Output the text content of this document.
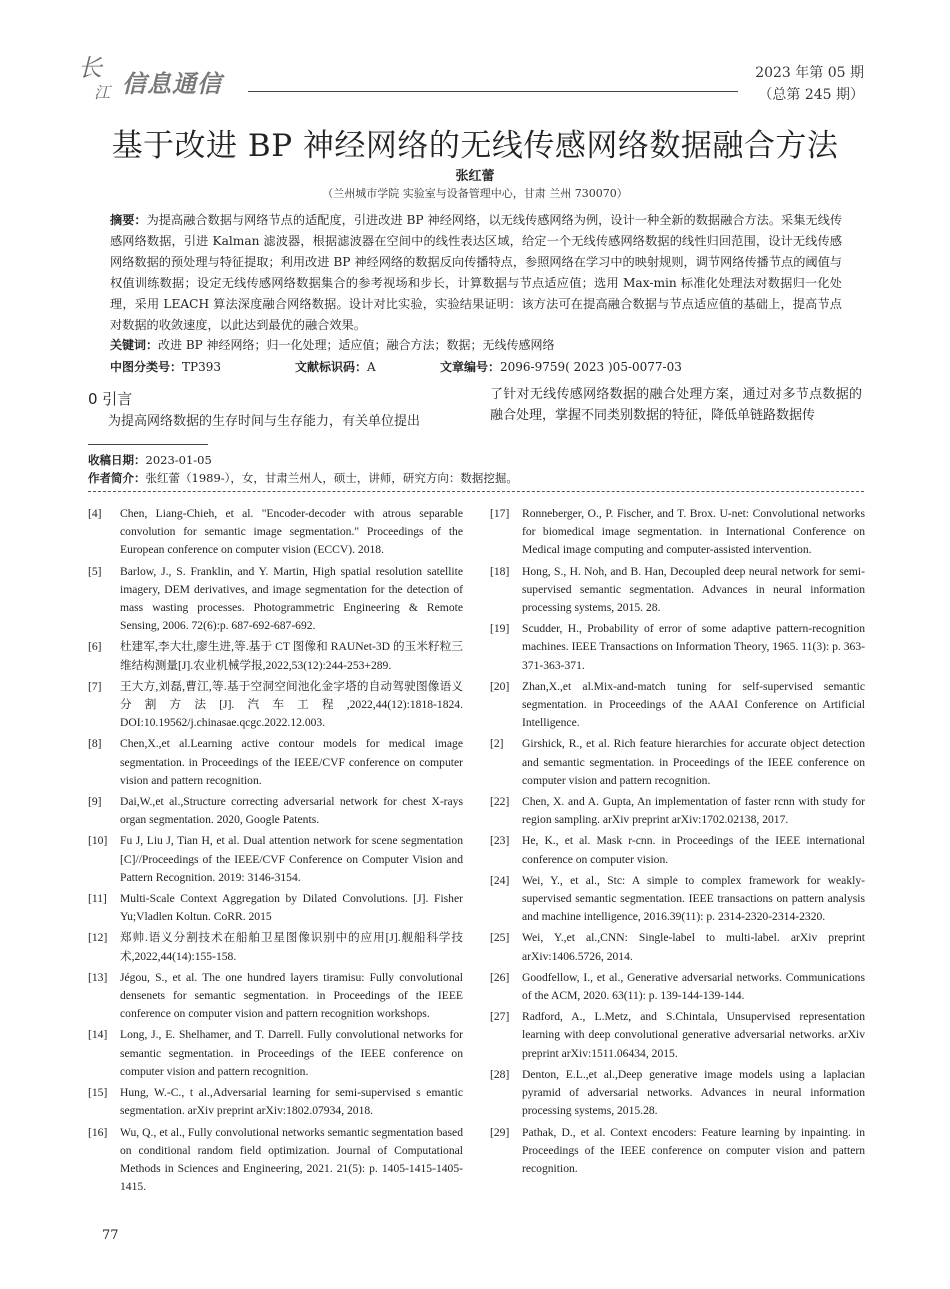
长
江 信息通信	2023 年第 05 期
（总第 245 期）
基于改进 BP 神经网络的无线传感网络数据融合方法
张红蕾
（兰州城市学院 实验室与设备管理中心，甘肃 兰州 730070）
摘要：为提高融合数据与网络节点的适配度，引进改进 BP 神经网络，以无线传感网络为例，设计一种全新的数据融合方法。采集无线传感网络数据，引进 Kalman 滤波器，根据滤波器在空间中的线性表达区域，给定一个无线传感网络数据的线性归回范围，设计无线传感网络数据的预处理与特征提取；利用改进 BP 神经网络的数据反向传播特点，参照网络在学习中的映射规则，调节网络传播节点的阈值与权值训练数据；设定无线传感网络数据集合的参考视场和步长，计算数据与节点适应值；选用 Max-min 标准化处理法对数据归一化处理，采用 LEACH 算法深度融合网络数据。设计对比实验，实验结果证明：该方法可在提高融合数据与节点适应值的基础上，提高节点对数据的收敛速度，以此达到最优的融合效果。
关键词：改进 BP 神经网络；归一化处理；适应值；融合方法；数据；无线传感网络
中图分类号：TP393	文献标识码：A	文章编号：2096-9759( 2023 )05-0077-03
0 引言
为提高网络数据的生存时间与生存能力，有关单位提出
了针对无线传感网络数据的融合处理方案，通过对多节点数据的融合处理，掌握不同类别数据的特征，降低单链路数据传
收稿日期：2023-01-05
作者简介：张红蕾（1989-），女，甘肃兰州人，硕士，讲师，研究方向：数据挖掘。
[4]	Chen, Liang-Chieh, et al. "Encoder-decoder with atrous separable convolution for semantic image segmentation." Proceedings of the European conference on computer vision (ECCV). 2018.
[5]	Barlow, J., S. Franklin, and Y. Martin, High spatial resolution satellite imagery, DEM derivatives, and image segmentation for the detection of mass wasting processes. Photogrammetric Engineering & Remote Sensing, 2006. 72(6):p. 687-692-687-692.
[6]	杜建军,李大壮,廖生进,等.基于 CT 图像和 RAUNet-3D 的玉米籽粒三维结构测量[J].农业机械学报,2022,53(12):244-253+289.
[7]	王大方,刘磊,曹江,等.基于空洞空间池化金字塔的自动驾驶图像语义分割方法[J].汽车工程,2022,44(12):1818-1824. DOI:10.19562/j.chinasae.qcgc.2022.12.003.
[8]	Chen,X.,et al.Learning active contour models for medical image segmentation. in Proceedings of the IEEE/CVF conference on computer vision and pattern recognition.
[9]	Dai,W.,et al.,Structure correcting adversarial network for chest X-rays organ segmentation. 2020, Google Patents.
[10]	Fu J, Liu J, Tian H, et al. Dual attention network for scene segmentation [C]//Proceedings of the IEEE/CVF Conference on Computer Vision and Pattern Recognition. 2019: 3146-3154.
[11]	Multi-Scale Context Aggregation by Dilated Convolutions. [J]. Fisher Yu;Vladlen Koltun. CoRR. 2015
[12]	郑帅.语义分割技术在船舶卫星图像识别中的应用[J].舰船科学技术,2022,44(14):155-158.
[13]	Jégou, S., et al. The one hundred layers tiramisu: Fully convolutional densenets for semantic segmentation. in Proceedings of the IEEE conference on computer vision and pattern recognition workshops.
[14]	Long, J., E. Shelhamer, and T. Darrell. Fully convolutional networks for semantic segmentation. in Proceedings of the IEEE conference on computer vision and pattern recognition.
[15]	Hung, W.-C., t al.,Adversarial learning for semi-supervised s emantic segmentation. arXiv preprint arXiv:1802.07934, 2018.
[16]	Wu, Q., et al., Fully convolutional networks semantic segmentation based on conditional random field optimization. Journal of Computational Methods in Sciences and Engineering, 2021. 21(5): p. 1405-1415-1405-1415.
[17]	Ronneberger, O., P. Fischer, and T. Brox. U-net: Convolutional networks for biomedical image segmentation. in International Conference on Medical image computing and computer-assisted intervention.
[18]	Hong, S., H. Noh, and B. Han, Decoupled deep neural network for semi-supervised semantic segmentation. Advances in neural information processing systems, 2015. 28.
[19]	Scudder, H., Probability of error of some adaptive pattern-recognition machines. IEEE Transactions on Information Theory, 1965. 11(3): p. 363-371-363-371.
[20]	Zhan,X.,et al.Mix-and-match tuning for self-supervised semantic segmentation. in Proceedings of the AAAI Conference on Artificial Intelligence.
[2]	Girshick, R., et al. Rich feature hierarchies for accurate object detection and semantic segmentation. in Proceedings of the IEEE conference on computer vision and pattern recognition.
[22]	Chen, X. and A. Gupta, An implementation of faster rcnn with study for region sampling. arXiv preprint arXiv:1702.02138, 2017.
[23]	He, K., et al. Mask r-cnn. in Proceedings of the IEEE international conference on computer vision.
[24]	Wei, Y., et al., Stc: A simple to complex framework for weakly-supervised semantic segmentation. IEEE transactions on pattern analysis and machine intelligence, 2016.39(11): p. 2314-2320-2314-2320.
[25]	Wei, Y.,et al.,CNN: Single-label to multi-label. arXiv preprint arXiv:1406.5726, 2014.
[26]	Goodfellow, I., et al., Generative adversarial networks. Communications of the ACM, 2020. 63(11): p. 139-144-139-144.
[27]	Radford, A., L.Metz, and S.Chintala, Unsupervised representation learning with deep convolutional generative adversarial networks. arXiv preprint arXiv:1511.06434, 2015.
[28]	Denton, E.L.,et al.,Deep generative image models using a laplacian pyramid of adversarial networks. Advances in neural information processing systems, 2015.28.
[29]	Pathak, D., et al. Context encoders: Feature learning by inpainting. in Proceedings of the IEEE conference on computer vision and pattern recognition.
77
